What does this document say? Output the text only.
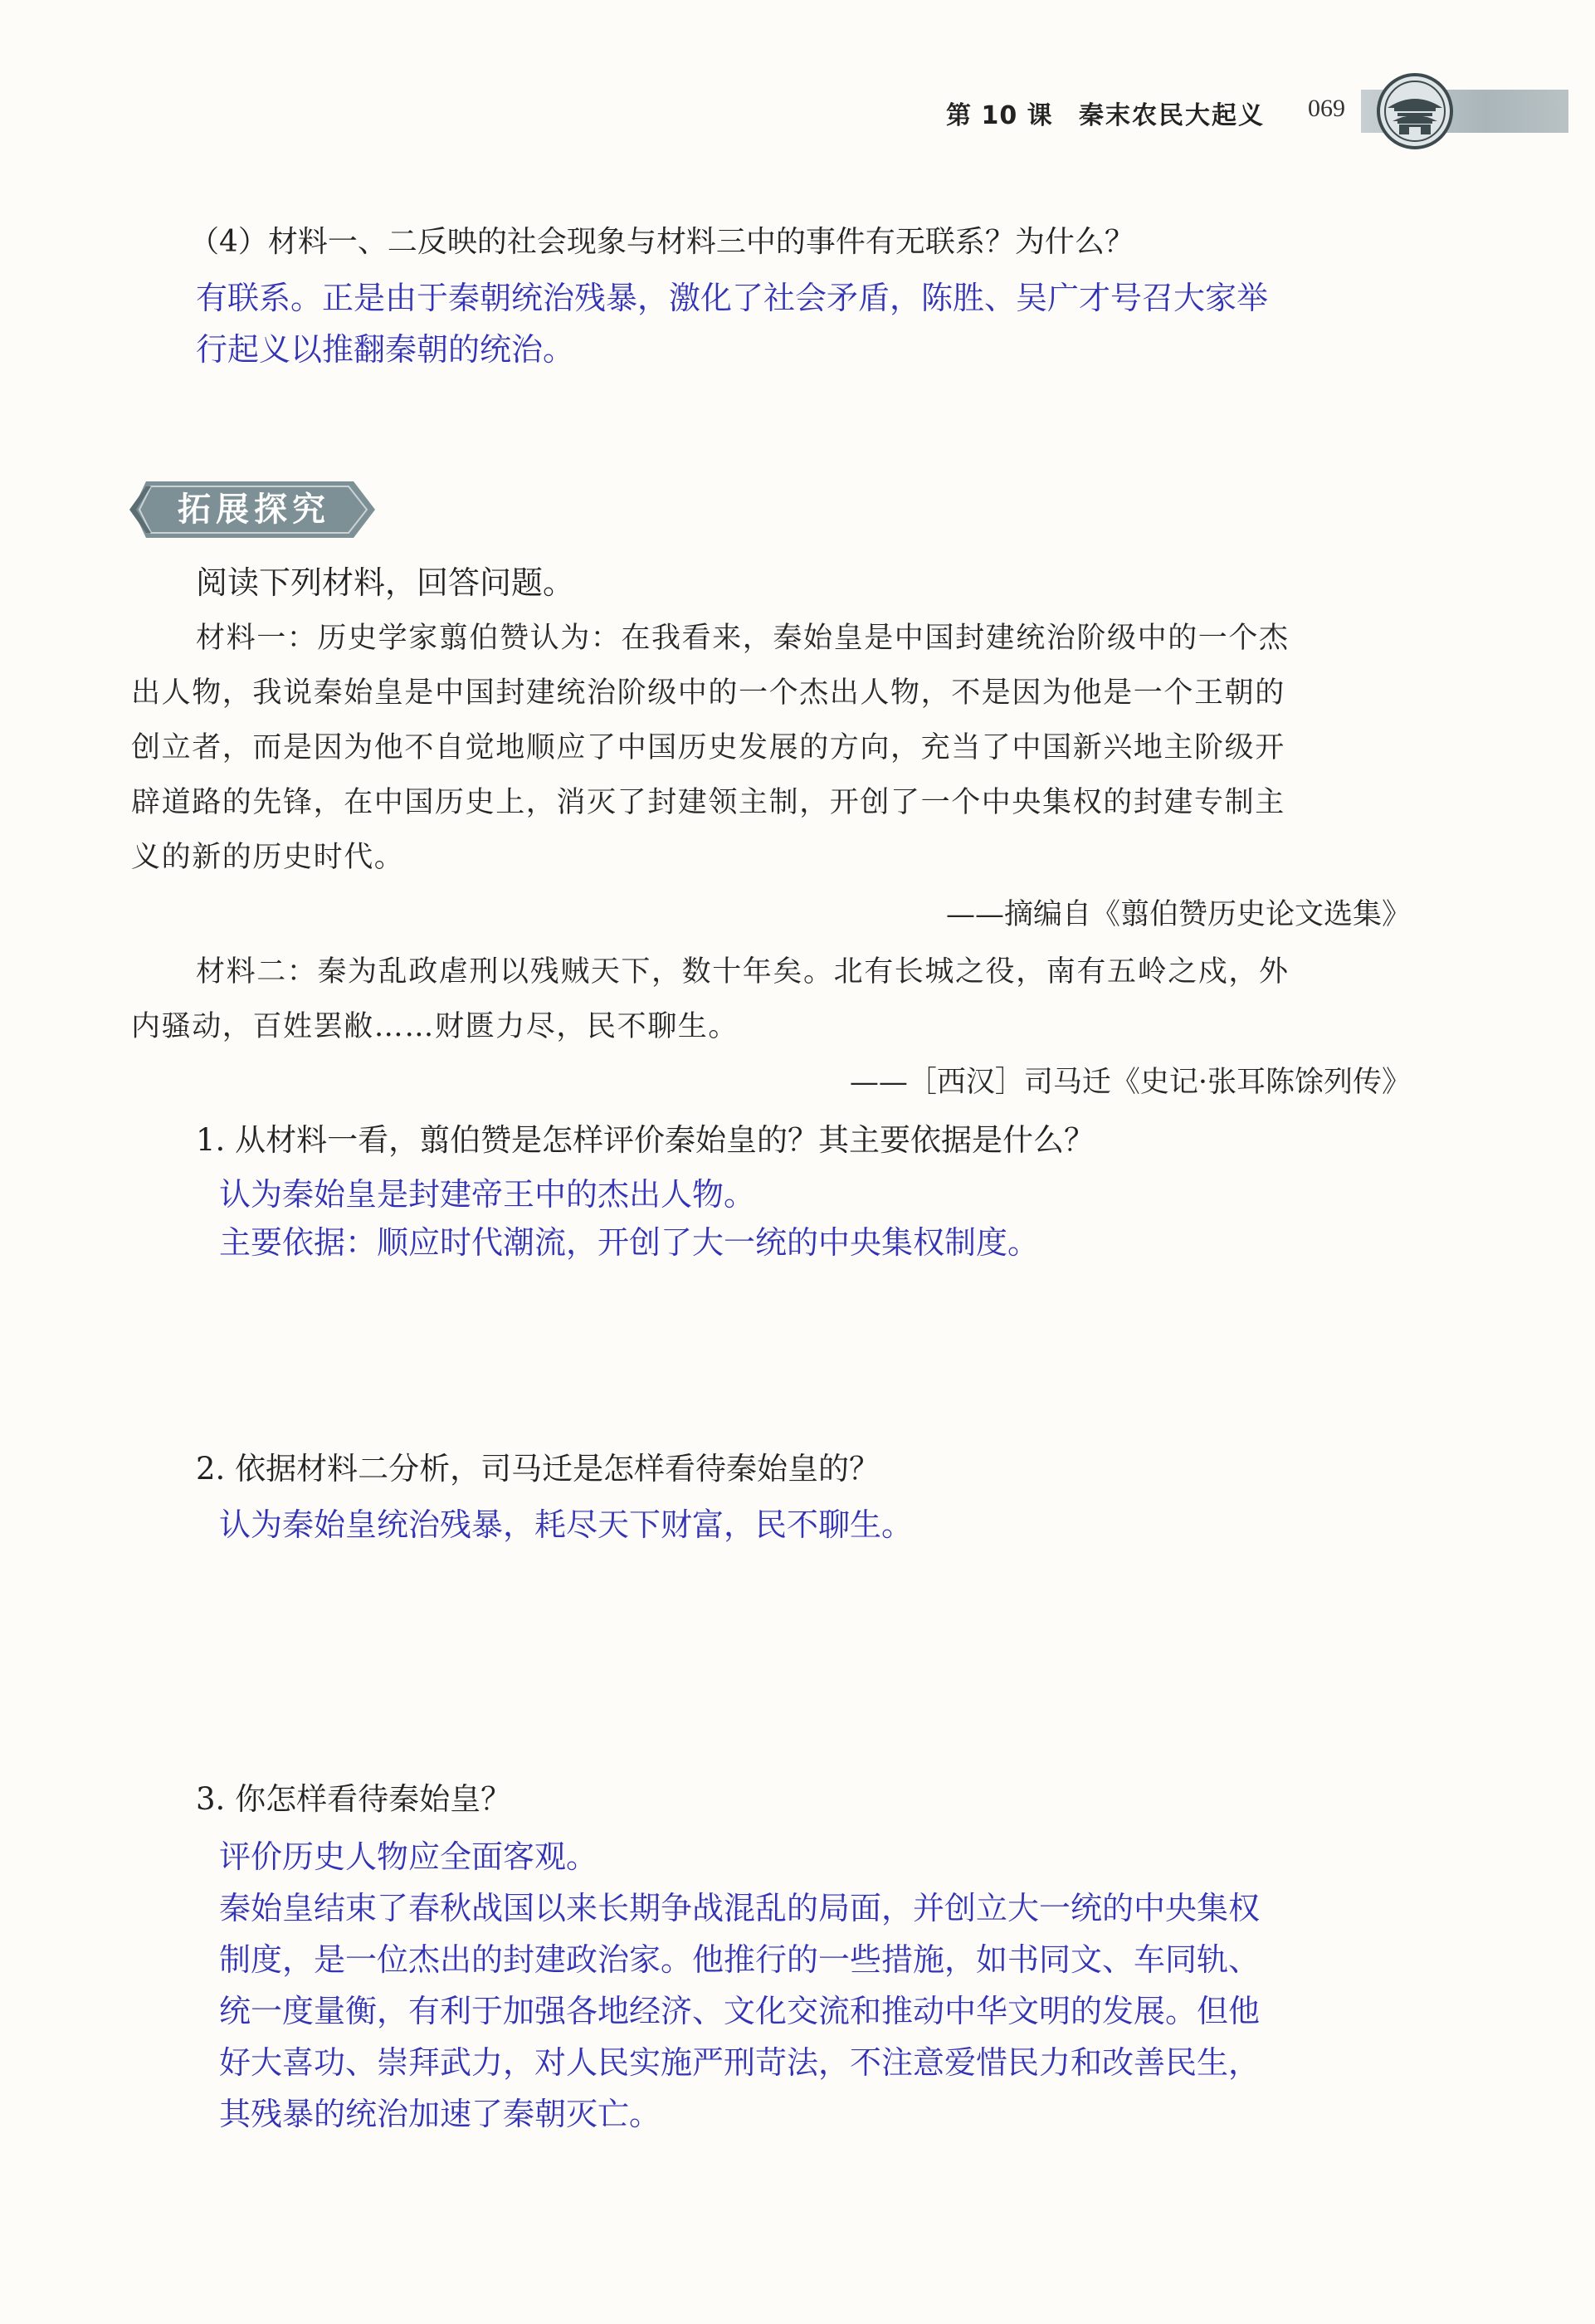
第 10 课 秦末农民大起义 069
（4）材料一、二反映的社会现象与材料三中的事件有无联系？为什么？
有联系。正是由于秦朝统治残暴，激化了社会矛盾，陈胜、吴广才号召大家举
行起义以推翻秦朝的统治。
拓展探究
阅读下列材料，回答问题。
材料一：历史学家翦伯赞认为：在我看来，秦始皇是中国封建统治阶级中的一个杰
出人物，我说秦始皇是中国封建统治阶级中的一个杰出人物，不是因为他是一个王朝的
创立者，而是因为他不自觉地顺应了中国历史发展的方向，充当了中国新兴地主阶级开
辟道路的先锋，在中国历史上，消灭了封建领主制，开创了一个中央集权的封建专制主
义的新的历史时代。
——摘编自《翦伯赞历史论文选集》
材料二：秦为乱政虐刑以残贼天下，数十年矣。北有长城之役，南有五岭之戍，外
内骚动，百姓罢敝……财匮力尽，民不聊生。
——［西汉］司马迁《史记·张耳陈馀列传》
1. 从材料一看，翦伯赞是怎样评价秦始皇的？其主要依据是什么？
认为秦始皇是封建帝王中的杰出人物。
主要依据：顺应时代潮流，开创了大一统的中央集权制度。
2. 依据材料二分析，司马迁是怎样看待秦始皇的？
认为秦始皇统治残暴，耗尽天下财富，民不聊生。
3. 你怎样看待秦始皇？
评价历史人物应全面客观。
秦始皇结束了春秋战国以来长期争战混乱的局面，并创立大一统的中央集权
制度，是一位杰出的封建政治家。他推行的一些措施，如书同文、车同轨、
统一度量衡，有利于加强各地经济、文化交流和推动中华文明的发展。但他
好大喜功、崇拜武力，对人民实施严刑苛法，不注意爱惜民力和改善民生，
其残暴的统治加速了秦朝灭亡。
